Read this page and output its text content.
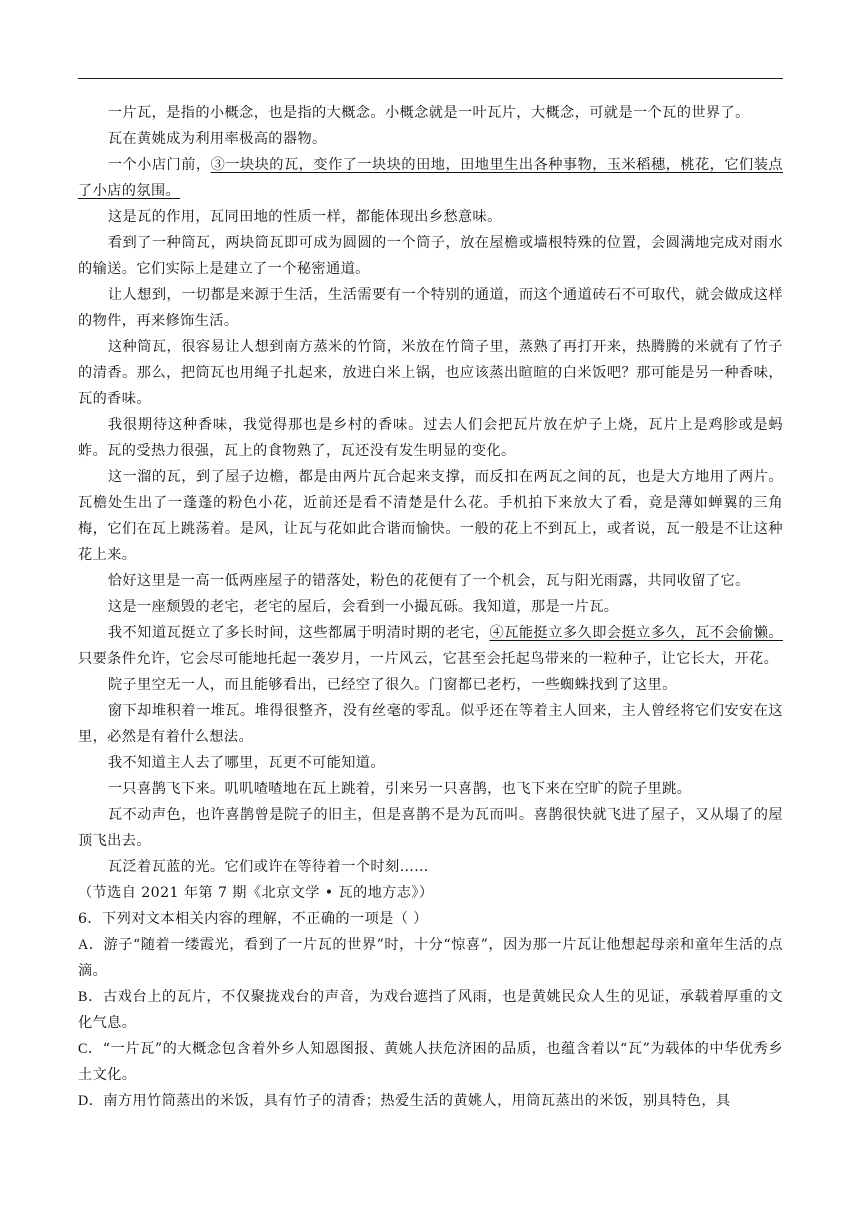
一片瓦，是指的小概念，也是指的大概念。小概念就是一叶瓦片，大概念，可就是一个瓦的世界了。

瓦在黄姚成为利用率极高的器物。

一个小店门前，③一块块的瓦，变作了一块块的田地，田地里生出各种事物，玉米稻穗，桃花，它们装点了小店的氛围。

这是瓦的作用，瓦同田地的性质一样，都能体现出乡愁意味。

看到了一种筒瓦，两块筒瓦即可成为圆圆的一个筒子，放在屋檐或墙根特殊的位置，会圆满地完成对雨水的输送。它们实际上是建立了一个秘密通道。

让人想到，一切都是来源于生活，生活需要有一个特别的通道，而这个通道砖石不可取代，就会做成这样的物件，再来修饰生活。

这种筒瓦，很容易让人想到南方蒸米的竹筒，米放在竹筒子里，蒸熟了再打开来，热腾腾的米就有了竹子的清香。那么，把筒瓦也用绳子扎起来，放进白米上锅，也应该蒸出暄暄的白米饭吧？那可能是另一种香味，瓦的香味。

我很期待这种香味，我觉得那也是乡村的香味。过去人们会把瓦片放在炉子上烧，瓦片上是鸡胗或是蚂蚱。瓦的受热力很强，瓦上的食物熟了，瓦还没有发生明显的变化。

这一溜的瓦，到了屋子边檐，都是由两片瓦合起来支撑，而反扣在两瓦之间的瓦，也是大方地用了两片。瓦檐处生出了一蓬蓬的粉色小花，近前还是看不清楚是什么花。手机拍下来放大了看，竟是薄如蝉翼的三角梅，它们在瓦上跳荡着。是风，让瓦与花如此合谐而愉快。一般的花上不到瓦上，或者说，瓦一般是不让这种花上来。

恰好这里是一高一低两座屋子的错落处，粉色的花便有了一个机会，瓦与阳光雨露，共同收留了它。

这是一座颓毁的老宅，老宅的屋后，会看到一小撮瓦砾。我知道，那是一片瓦。

我不知道瓦挺立了多长时间，这些都属于明清时期的老宅，④瓦能挺立多久即会挺立多久，瓦不会偷懒。只要条件允许，它会尽可能地托起一袭岁月，一片风云，它甚至会托起鸟带来的一粒种子，让它长大，开花。

院子里空无一人，而且能够看出，已经空了很久。门窗都已老朽，一些蜘蛛找到了这里。

窗下却堆积着一堆瓦。堆得很整齐，没有丝毫的零乱。似乎还在等着主人回来，主人曾经将它们安安在这里，必然是有着什么想法。

我不知道主人去了哪里，瓦更不可能知道。

一只喜鹊飞下来。叽叽喳喳地在瓦上跳着，引来另一只喜鹊，也飞下来在空旷的院子里跳。

瓦不动声色，也许喜鹊曾是院子的旧主，但是喜鹊不是为瓦而叫。喜鹊很快就飞进了屋子，又从塌了的屋顶飞出去。

瓦泛着瓦蓝的光。它们或许在等待着一个时刻……

（节选自 2021 年第 7 期《北京文学 • 瓦的地方志》）

6．下列对文本相关内容的理解，不正确的一项是（ ）

A．游子“随着一缕霞光，看到了一片瓦的世界”时，十分“惊喜”，因为那一片瓦让他想起母亲和童年生活的点滴。

B．古戏台上的瓦片，不仅聚拢戏台的声音，为戏台遮挡了风雨，也是黄姚民众人生的见证，承载着厚重的文化气息。

C．“一片瓦”的大概念包含着外乡人知恩图报、黄姚人扶危济困的品质，也蕴含着以“瓦”为载体的中华优秀乡土文化。

D．南方用竹筒蒸出的米饭，具有竹子的清香；热爱生活的黄姚人，用筒瓦蒸出的米饭，别具特色，具
